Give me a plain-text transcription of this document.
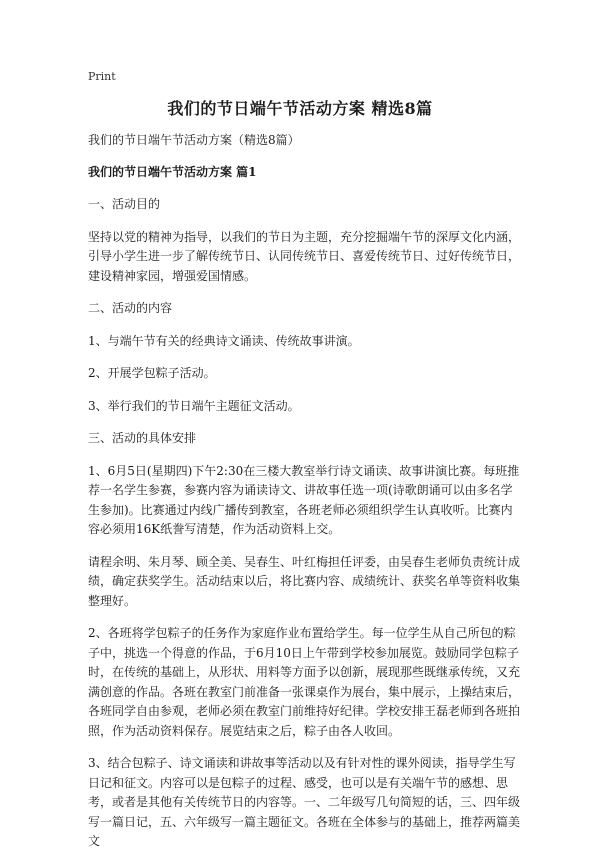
Print
我们的节日端午节活动方案 精选8篇

我们的节日端午节活动方案（精选8篇）

我们的节日端午节活动方案 篇1

一、活动目的

坚持以党的精神为指导，以我们的节日为主题，充分挖掘端午节的深厚文化内涵，引导小学生进一步了解传统节日、认同传统节日、喜爱传统节日、过好传统节日，建设精神家园，增强爱国情感。

二、活动的内容

1、与端午节有关的经典诗文诵读、传统故事讲演。

2、开展学包粽子活动。

3、举行我们的节日端午主题征文活动。

三、活动的具体安排

1、6月5日(星期四)下午2:30在三楼大教室举行诗文诵读、故事讲演比赛。每班推荐一名学生参赛，参赛内容为诵读诗文、讲故事任选一项(诗歌朗诵可以由多名学生参加)。比赛通过内线广播传到教室，各班老师必须组织学生认真收听。比赛内容必须用16K纸誊写清楚，作为活动资料上交。

请程余明、朱月琴、顾全美、吴春生、叶红梅担任评委，由吴春生老师负责统计成绩，确定获奖学生。活动结束以后，将比赛内容、成绩统计、获奖名单等资料收集整理好。

2、各班将学包粽子的任务作为家庭作业布置给学生。每一位学生从自己所包的粽子中，挑选一个得意的作品，于6月10日上午带到学校参加展览。鼓励同学包粽子时，在传统的基础上，从形状、用料等方面予以创新，展现那些既继承传统，又充满创意的作品。各班在教室门前准备一张课桌作为展台，集中展示，上操结束后，各班同学自由参观，老师必须在教室门前维持好纪律。学校安排王磊老师到各班拍照，作为活动资料保存。展览结束之后，粽子由各人收回。

3、结合包粽子、诗文诵读和讲故事等活动以及有针对性的课外阅读，指导学生写日记和征文。内容可以是包粽子的过程、感受，也可以是有关端午节的感想、思考，或者是其他有关传统节日的内容等。一、二年级写几句简短的话，三、四年级写一篇日记，五、六年级写一篇主题征文。各班在全体参与的基础上，推荐两篇美文
